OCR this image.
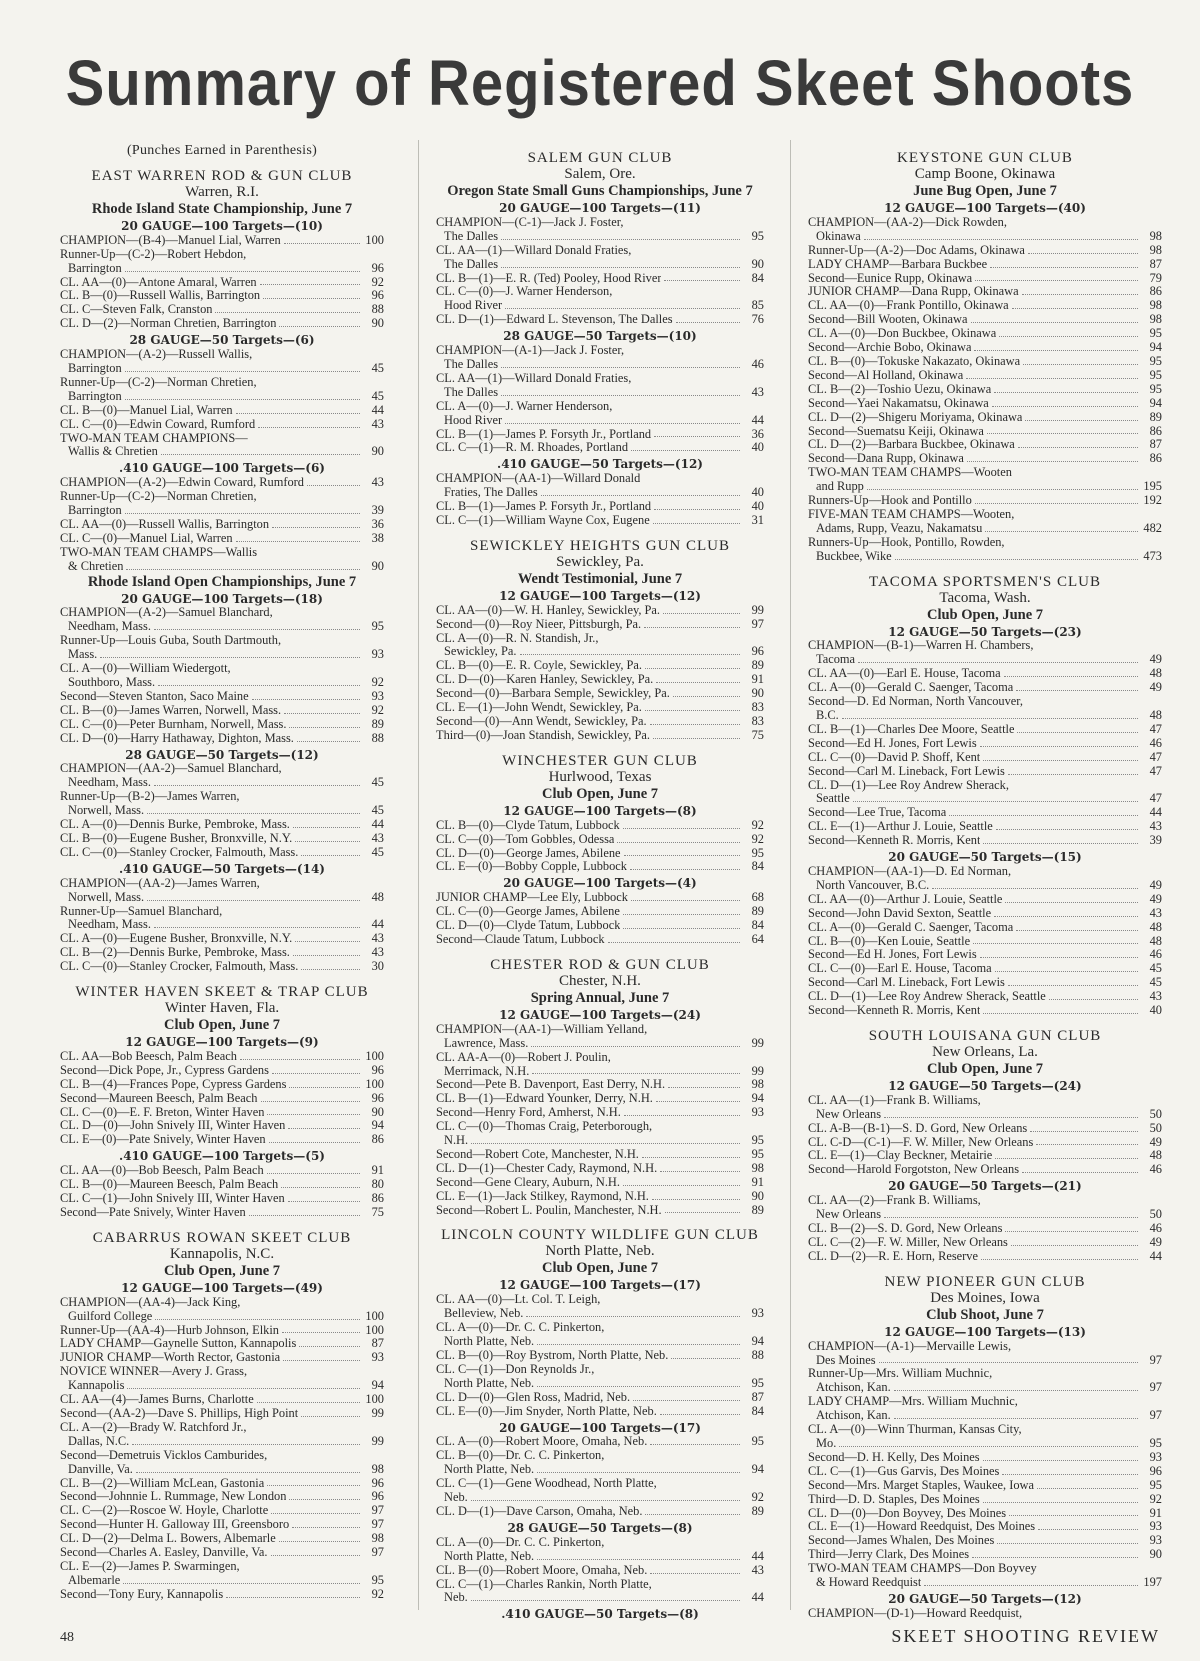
Summary of Registered Skeet Shoots
(Punches Earned in Parenthesis)
EAST WARREN ROD & GUN CLUB
Warren, R.I.
Rhode Island State Championship, June 7
20 GAUGE—100 Targets—(10)
CHAMPION—(B-4)—Manuel Lial, Warren	100
Runner-Up—(C-2)—Robert Hebdon,
Barrington	96
CL. AA—(0)—Antone Amaral, Warren	92
CL. B—(0)—Russell Wallis, Barrington	96
CL. C—Steven Falk, Cranston	88
CL. D—(2)—Norman Chretien, Barrington	90
28 GAUGE—50 Targets—(6)
CHAMPION—(A-2)—Russell Wallis,
Barrington	45
Runner-Up—(C-2)—Norman Chretien,
Barrington	45
CL. B—(0)—Manuel Lial, Warren	44
CL. C—(0)—Edwin Coward, Rumford	43
TWO-MAN TEAM CHAMPIONS—
Wallis & Chretien	90
.410 GAUGE—100 Targets—(6)
CHAMPION—(A-2)—Edwin Coward, Rumford	43
Runner-Up—(C-2)—Norman Chretien,
Barrington	39
CL. AA—(0)—Russell Wallis, Barrington	36
CL. C—(0)—Manuel Lial, Warren	38
TWO-MAN TEAM CHAMPS—Wallis
& Chretien	90
Rhode Island Open Championships, June 7
20 GAUGE—100 Targets—(18)
CHAMPION—(A-2)—Samuel Blanchard,
Needham, Mass.	95
Runner-Up—Louis Guba, South Dartmouth,
Mass.	93
CL. A—(0)—William Wiedergott,
Southboro, Mass.	92
Second—Steven Stanton, Saco Maine	93
CL. B—(0)—James Warren, Norwell, Mass.	92
CL. C—(0)—Peter Burnham, Norwell, Mass.	89
CL. D—(0)—Harry Hathaway, Dighton, Mass.	88
28 GAUGE—50 Targets—(12)
CHAMPION—(AA-2)—Samuel Blanchard,
Needham, Mass.	45
Runner-Up—(B-2)—James Warren,
Norwell, Mass.	45
CL. A—(0)—Dennis Burke, Pembroke, Mass.	44
CL. B—(0)—Eugene Busher, Bronxville, N.Y.	43
CL. C—(0)—Stanley Crocker, Falmouth, Mass.	45
.410 GAUGE—50 Targets—(14)
CHAMPION—(AA-2)—James Warren,
Norwell, Mass.	48
Runner-Up—Samuel Blanchard,
Needham, Mass.	44
CL. A—(0)—Eugene Busher, Bronxville, N.Y.	43
CL. B—(2)—Dennis Burke, Pembroke, Mass.	43
CL. C—(0)—Stanley Crocker, Falmouth, Mass.	30
WINTER HAVEN SKEET & TRAP CLUB
Winter Haven, Fla.
Club Open, June 7
12 GAUGE—100 Targets—(9)
CL. AA—Bob Beesch, Palm Beach	100
Second—Dick Pope, Jr., Cypress Gardens	96
CL. B—(4)—Frances Pope, Cypress Gardens	100
Second—Maureen Beesch, Palm Beach	96
CL. C—(0)—E. F. Breton, Winter Haven	90
CL. D—(0)—John Snively III, Winter Haven	94
CL. E—(0)—Pate Snively, Winter Haven	86
.410 GAUGE—100 Targets—(5)
CL. AA—(0)—Bob Beesch, Palm Beach	91
CL. B—(0)—Maureen Beesch, Palm Beach	80
CL. C—(1)—John Snively III, Winter Haven	86
Second—Pate Snively, Winter Haven	75
CABARRUS ROWAN SKEET CLUB
Kannapolis, N.C.
Club Open, June 7
12 GAUGE—100 Targets—(49)
CHAMPION—(AA-4)—Jack King,
Guilford College	100
Runner-Up—(AA-4)—Hurb Johnson, Elkin	100
LADY CHAMP—Gaynelle Sutton, Kannapolis	87
JUNIOR CHAMP—Worth Rector, Gastonia	93
NOVICE WINNER—Avery J. Grass,
Kannapolis	94
CL. AA—(4)—James Burns, Charlotte	100
Second—(AA-2)—Dave S. Phillips, High Point	99
CL. A—(2)—Brady W. Ratchford Jr.,
Dallas, N.C.	99
Second—Demetruis Vicklos Camburides,
Danville, Va.	98
CL. B—(2)—William McLean, Gastonia	96
Second—Johnnie L. Rummage, New London	96
CL. C—(2)—Roscoe W. Hoyle, Charlotte	97
Second—Hunter H. Galloway III, Greensboro	97
CL. D—(2)—Delma L. Bowers, Albemarle	98
Second—Charles A. Easley, Danville, Va.	97
CL. E—(2)—James P. Swarmingen,
Albemarle	95
Second—Tony Eury, Kannapolis	92
SALEM GUN CLUB
Salem, Ore.
Oregon State Small Guns Championships, June 7
20 GAUGE—100 Targets—(11)
CHAMPION—(C-1)—Jack J. Foster,
The Dalles	95
CL. AA—(1)—Willard Donald Fraties,
The Dalles	90
CL. B—(1)—E. R. (Ted) Pooley, Hood River	84
CL. C—(0)—J. Warner Henderson,
Hood River	85
CL. D—(1)—Edward L. Stevenson, The Dalles	76
28 GAUGE—50 Targets—(10)
CHAMPION—(A-1)—Jack J. Foster,
The Dalles	46
CL. AA—(1)—Willard Donald Fraties,
The Dalles	43
CL. A—(0)—J. Warner Henderson,
Hood River	44
CL. B—(1)—James P. Forsyth Jr., Portland	36
CL. C—(1)—R. M. Rhoades, Portland	40
.410 GAUGE—50 Targets—(12)
CHAMPION—(AA-1)—Willard Donald
Fraties, The Dalles	40
CL. B—(1)—James P. Forsyth Jr., Portland	40
CL. C—(1)—William Wayne Cox, Eugene	31
SEWICKLEY HEIGHTS GUN CLUB
Sewickley, Pa.
Wendt Testimonial, June 7
12 GAUGE—100 Targets—(12)
CL. AA—(0)—W. H. Hanley, Sewickley, Pa.	99
Second—(0)—Roy Nieer, Pittsburgh, Pa.	97
CL. A—(0)—R. N. Standish, Jr.,
Sewickley, Pa.	96
CL. B—(0)—E. R. Coyle, Sewickley, Pa.	89
CL. D—(0)—Karen Hanley, Sewickley, Pa.	91
Second—(0)—Barbara Semple, Sewickley, Pa.	90
CL. E—(1)—John Wendt, Sewickley, Pa.	83
Second—(0)—Ann Wendt, Sewickley, Pa.	83
Third—(0)—Joan Standish, Sewickley, Pa.	75
WINCHESTER GUN CLUB
Hurlwood, Texas
Club Open, June 7
12 GAUGE—100 Targets—(8)
CL. B—(0)—Clyde Tatum, Lubbock	92
CL. C—(0)—Tom Gobbles, Odessa	92
CL. D—(0)—George James, Abilene	95
CL. E—(0)—Bobby Copple, Lubbock	84
20 GAUGE—100 Targets—(4)
JUNIOR CHAMP—Lee Ely, Lubbock	68
CL. C—(0)—George James, Abilene	89
CL. D—(0)—Clyde Tatum, Lubbock	84
Second—Claude Tatum, Lubbock	64
CHESTER ROD & GUN CLUB
Chester, N.H.
Spring Annual, June 7
12 GAUGE—100 Targets—(24)
CHAMPION—(AA-1)—William Yelland,
Lawrence, Mass.	99
CL. AA-A—(0)—Robert J. Poulin,
Merrimack, N.H.	99
Second—Pete B. Davenport, East Derry, N.H.	98
CL. B—(1)—Edward Younker, Derry, N.H.	94
Second—Henry Ford, Amherst, N.H.	93
CL. C—(0)—Thomas Craig, Peterborough,
N.H.	95
Second—Robert Cote, Manchester, N.H.	95
CL. D—(1)—Chester Cady, Raymond, N.H.	98
Second—Gene Cleary, Auburn, N.H.	91
CL. E—(1)—Jack Stilkey, Raymond, N.H.	90
Second—Robert L. Poulin, Manchester, N.H.	89
LINCOLN COUNTY WILDLIFE GUN CLUB
North Platte, Neb.
Club Open, June 7
12 GAUGE—100 Targets—(17)
CL. AA—(0)—Lt. Col. T. Leigh,
Belleview, Neb.	93
CL. A—(0)—Dr. C. C. Pinkerton,
North Platte, Neb.	94
CL. B—(0)—Roy Bystrom, North Platte, Neb.	88
CL. C—(1)—Don Reynolds Jr.,
North Platte, Neb.	95
CL. D—(0)—Glen Ross, Madrid, Neb.	87
CL. E—(0)—Jim Snyder, North Platte, Neb.	84
20 GAUGE—100 Targets—(17)
CL. A—(0)—Robert Moore, Omaha, Neb.	95
CL. B—(0)—Dr. C. C. Pinkerton,
North Platte, Neb.	94
CL. C—(1)—Gene Woodhead, North Platte,
Neb.	92
CL. D—(1)—Dave Carson, Omaha, Neb.	89
28 GAUGE—50 Targets—(8)
CL. A—(0)—Dr. C. C. Pinkerton,
North Platte, Neb.	44
CL. B—(0)—Robert Moore, Omaha, Neb.	43
CL. C—(1)—Charles Rankin, North Platte,
Neb.	44
.410 GAUGE—50 Targets—(8)
KEYSTONE GUN CLUB
Camp Boone, Okinawa
June Bug Open, June 7
12 GAUGE—100 Targets—(40)
CHAMPION—(AA-2)—Dick Rowden,
Okinawa	98
Runner-Up—(A-2)—Doc Adams, Okinawa	98
LADY CHAMP—Barbara Buckbee	87
Second—Eunice Rupp, Okinawa	79
JUNIOR CHAMP—Dana Rupp, Okinawa	86
CL. AA—(0)—Frank Pontillo, Okinawa	98
Second—Bill Wooten, Okinawa	98
CL. A—(0)—Don Buckbee, Okinawa	95
Second—Archie Bobo, Okinawa	94
CL. B—(0)—Tokuske Nakazato, Okinawa	95
Second—Al Holland, Okinawa	95
CL. B—(2)—Toshio Uezu, Okinawa	95
Second—Yaei Nakamatsu, Okinawa	94
CL. D—(2)—Shigeru Moriyama, Okinawa	89
Second—Suematsu Keiji, Okinawa	86
CL. D—(2)—Barbara Buckbee, Okinawa	87
Second—Dana Rupp, Okinawa	86
TWO-MAN TEAM CHAMPS—Wooten
and Rupp	195
Runners-Up—Hook and Pontillo	192
FIVE-MAN TEAM CHAMPS—Wooten,
Adams, Rupp, Veazu, Nakamatsu	482
Runners-Up—Hook, Pontillo, Rowden,
Buckbee, Wike	473
TACOMA SPORTSMEN'S CLUB
Tacoma, Wash.
Club Open, June 7
12 GAUGE—50 Targets—(23)
CHAMPION—(B-1)—Warren H. Chambers,
Tacoma	49
CL. AA—(0)—Earl E. House, Tacoma	48
CL. A—(0)—Gerald C. Saenger, Tacoma	49
Second—D. Ed Norman, North Vancouver,
B.C.	48
CL. B—(1)—Charles Dee Moore, Seattle	47
Second—Ed H. Jones, Fort Lewis	46
CL. C—(0)—David P. Shoff, Kent	47
Second—Carl M. Lineback, Fort Lewis	47
CL. D—(1)—Lee Roy Andrew Sherack,
Seattle	47
Second—Lee True, Tacoma	44
CL. E—(1)—Arthur J. Louie, Seattle	43
Second—Kenneth R. Morris, Kent	39
20 GAUGE—50 Targets—(15)
CHAMPION—(AA-1)—D. Ed Norman,
North Vancouver, B.C.	49
CL. AA—(0)—Arthur J. Louie, Seattle	49
Second—John David Sexton, Seattle	43
CL. A—(0)—Gerald C. Saenger, Tacoma	48
CL. B—(0)—Ken Louie, Seattle	48
Second—Ed H. Jones, Fort Lewis	46
CL. C—(0)—Earl E. House, Tacoma	45
Second—Carl M. Lineback, Fort Lewis	45
CL. D—(1)—Lee Roy Andrew Sherack, Seattle	43
Second—Kenneth R. Morris, Kent	40
SOUTH LOUISANA GUN CLUB
New Orleans, La.
Club Open, June 7
12 GAUGE—50 Targets—(24)
CL. AA—(1)—Frank B. Williams,
New Orleans	50
CL. A-B—(B-1)—S. D. Gord, New Orleans	50
CL. C-D—(C-1)—F. W. Miller, New Orleans	49
CL. E—(1)—Clay Beckner, Metairie	48
Second—Harold Forgotston, New Orleans	46
20 GAUGE—50 Targets—(21)
CL. AA—(2)—Frank B. Williams,
New Orleans	50
CL. B—(2)—S. D. Gord, New Orleans	46
CL. C—(2)—F. W. Miller, New Orleans	49
CL. D—(2)—R. E. Horn, Reserve	44
NEW PIONEER GUN CLUB
Des Moines, Iowa
Club Shoot, June 7
12 GAUGE—100 Targets—(13)
CHAMPION—(A-1)—Mervaille Lewis,
Des Moines	97
Runner-Up—Mrs. William Muchnic,
Atchison, Kan.	97
LADY CHAMP—Mrs. William Muchnic,
Atchison, Kan.	97
CL. A—(0)—Winn Thurman, Kansas City,
Mo.	95
Second—D. H. Kelly, Des Moines	93
CL. C—(1)—Gus Garvis, Des Moines	96
Second—Mrs. Marget Staples, Waukee, Iowa	95
Third—D. D. Staples, Des Moines	92
CL. D—(0)—Don Boyvey, Des Moines	91
CL. E—(1)—Howard Reedquist, Des Moines	93
Second—James Whalen, Des Moines	93
Third—Jerry Clark, Des Moines	90
TWO-MAN TEAM CHAMPS—Don Boyvey
& Howard Reedquist	197
20 GAUGE—50 Targets—(12)
CHAMPION—(D-1)—Howard Reedquist,
48	SKEET SHOOTING REVIEW
